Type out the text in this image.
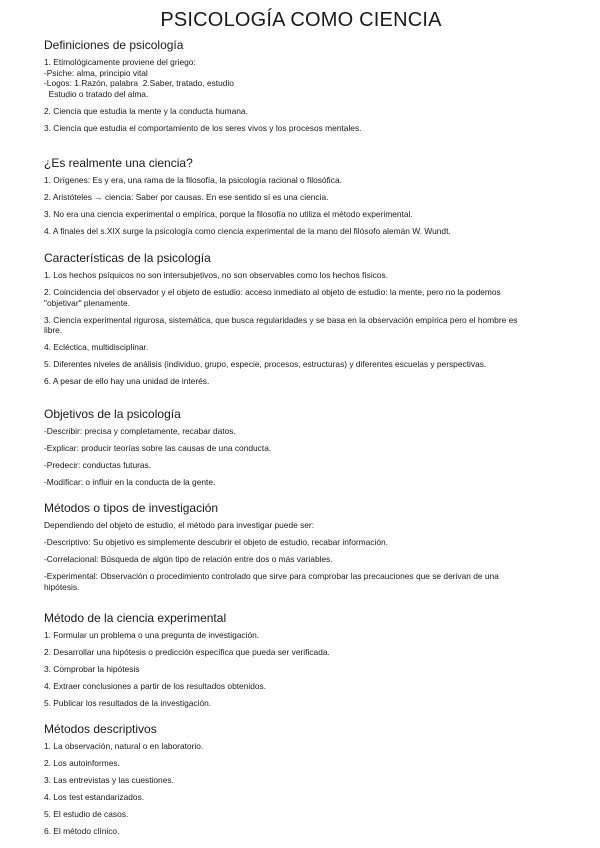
PSICOLOGÍA COMO CIENCIA
Definiciones de psicología

1. Etimológicamente proviene del griego:

-Psiche: alma, principio vital

-Logos: 1.Razón, palabra  2.Saber, tratado, estudio

Estudio o tratado del alma.

2. Ciencia que estudia la mente y la conducta humana.

3. Ciencia que estudia el comportamiento de los seres vivos y los procesos mentales.

¿Es realmente una ciencia?

1. Orígenes: Es y era, una rama de la filosofía, la psicología racional o filosófica.

2. Aristóteles → ciencia: Saber por causas. En ese sentido sí es una ciencia.

3. No era una ciencia experimental o empírica, porque la filosofía no utiliza el método experimental.

4. A finales del s.XIX surge la psicología como ciencia experimental de la mano del filósofo alemán W. Wundt.

Características de la psicología

1. Los hechos psíquicos no son intersubjetivos, no son observables como los hechos físicos.

2. Coincidencia del observador y el objeto de estudio: acceso inmediato al objeto de estudio: la mente, pero no la podemos

"objetivar" plenamente.

3. Ciencia experimental rigurosa, sistemática, que busca regularidades y se basa en la observación empírica pero el hombre es

libre.

4. Ecléctica, multidisciplinar.

5. Diferentes niveles de análisis (individuo, grupo, especie, procesos, estructuras) y diferentes escuelas y perspectivas.

6. A pesar de ello hay una unidad de interés.

Objetivos de la psicología

-Describir: precisa y completamente, recabar datos.

-Explicar: producir teorías sobre las causas de una conducta.

-Predecir: conductas futuras.

-Modificar: o influir en la conducta de la gente.

Métodos o tipos de investigación

Dependiendo del objeto de estudio, el método para investigar puede ser:

-Descriptivo: Su objetivo es simplemente descubrir el objeto de estudio, recabar información.

-Correlacional: Búsqueda de algún tipo de relación entre dos o más variables.

-Experimental: Observación o procedimiento controlado que sirve para comprobar las precauciones que se derivan de una

hipótesis.

Método de la ciencia experimental

1. Formular un problema o una pregunta de investigación.

2. Desarrollar una hipótesis o predicción específica que pueda ser verificada.

3. Comprobar la hipótesis

4. Extraer conclusiones a partir de los resultados obtenidos.

5. Publicar los resultados de la investigación.

Métodos descriptivos

1. La observación, natural o en laboratorio.

2. Los autoinformes.

3. Las entrevistas y las cuestiones.

4. Los test estandarizados.

5. El estudio de casos.

6. El método clínico.
